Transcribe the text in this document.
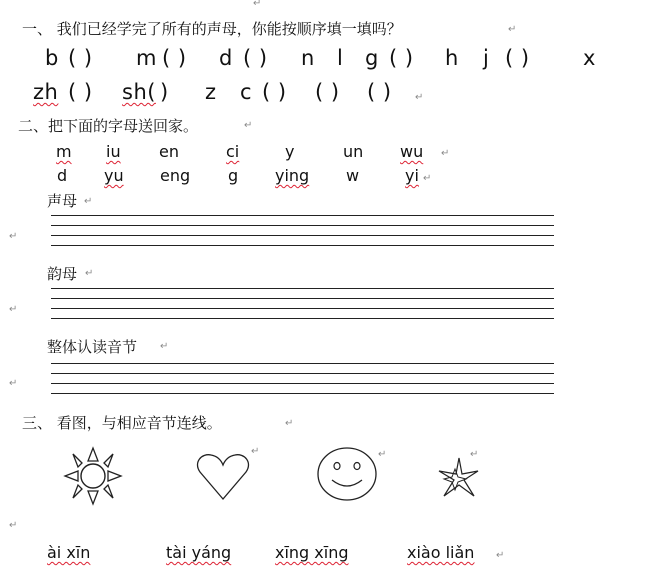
↵
一、 我们已经学完了所有的声母，你能按顺序填一填吗？	↵
b ( ) m ( ) d ( ) n l g ( ) h j ( )	x
zh ( ) sh( ) z c ( ) ( ) ( ) ↵
二、把下面的字母送回家。	↵
m iu en	ci	y	un wu ↵
d yu eng g ying w	yi ↵
声母 ↵
↵
韵母 ↵
↵
整体认读音节 ↵
↵
三、 看图，与相应音节连线。	↵
↵	↵	↵
↵
ài xīn	tài yáng	xīng xīng	xiào liǎn ↵
